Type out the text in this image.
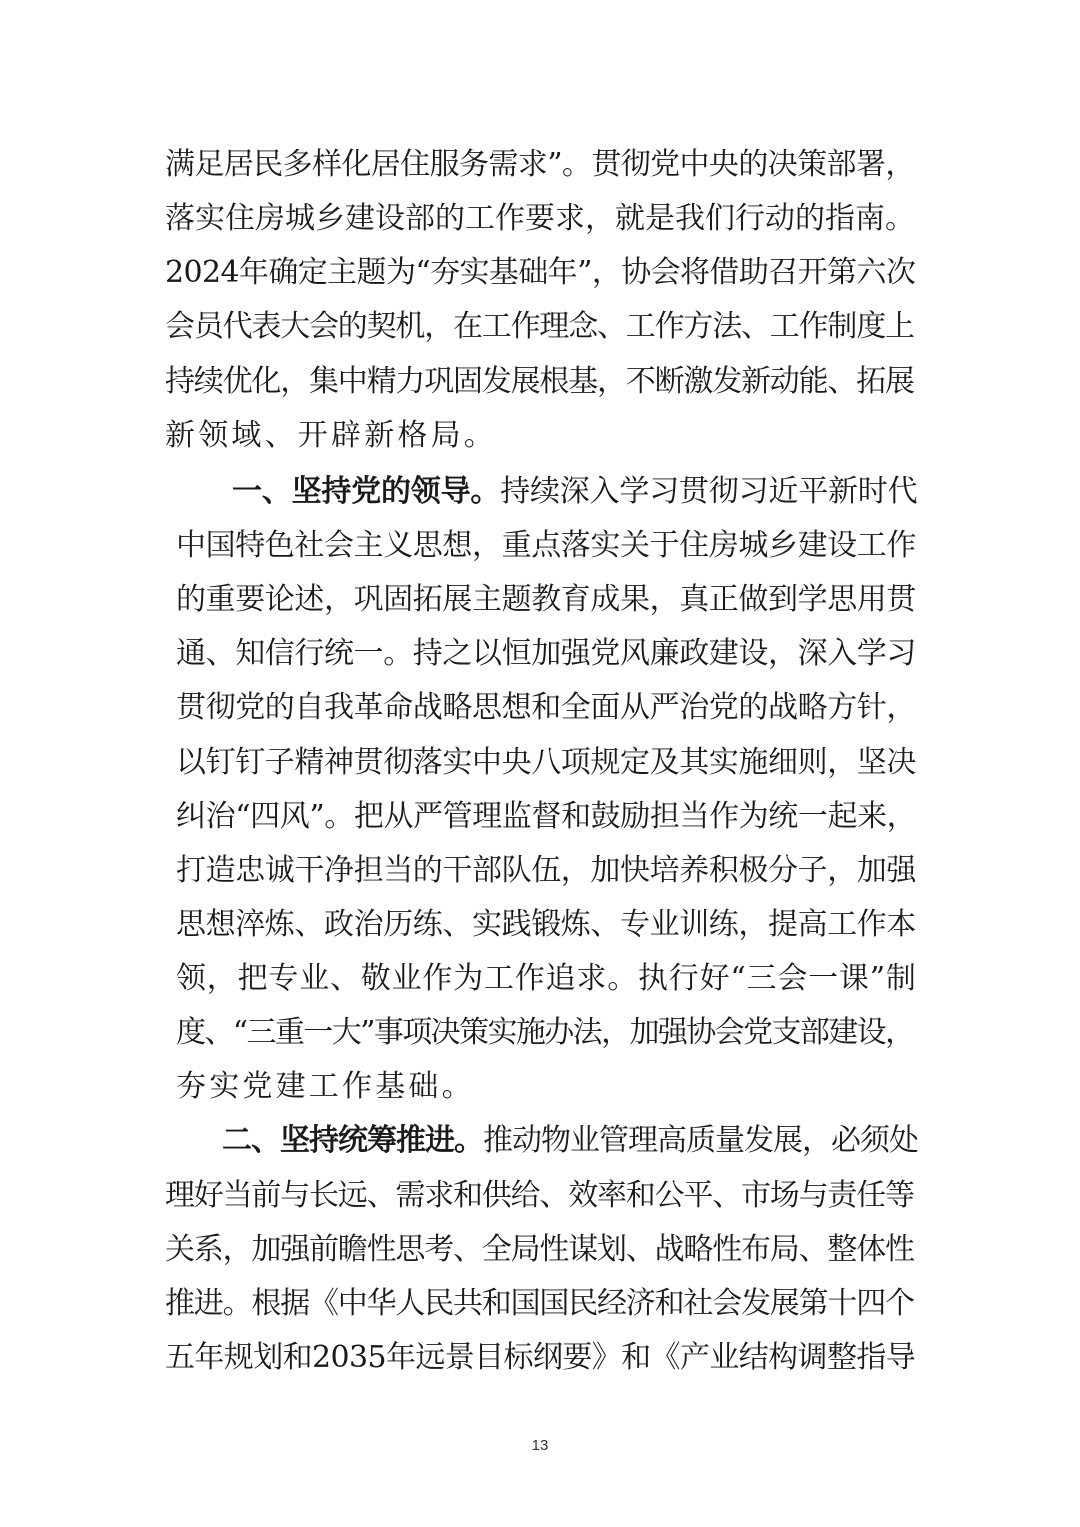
满足居民多样化居住服务需求”。贯彻党中央的决策部署，
落实住房城乡建设部的工作要求，就是我们行动的指南。
2024年确定主题为“夯实基础年”，协会将借助召开第六次
会员代表大会的契机，在工作理念、工作方法、工作制度上
持续优化，集中精力巩固发展根基，不断激发新动能、拓展
新领域、开辟新格局。
一、坚持党的领导。持续深入学习贯彻习近平新时代
中国特色社会主义思想，重点落实关于住房城乡建设工作
的重要论述，巩固拓展主题教育成果，真正做到学思用贯
通、知信行统一。持之以恒加强党风廉政建设，深入学习
贯彻党的自我革命战略思想和全面从严治党的战略方针，
以钉钉子精神贯彻落实中央八项规定及其实施细则，坚决
纠治“四风”。把从严管理监督和鼓励担当作为统一起来，
打造忠诚干净担当的干部队伍，加快培养积极分子，加强
思想淬炼、政治历练、实践锻炼、专业训练，提高工作本
领，把专业、敬业作为工作追求。执行好“三会一课”制
度、“三重一大”事项决策实施办法，加强协会党支部建设，
夯实党建工作基础。
二、坚持统筹推进。推动物业管理高质量发展，必须处
理好当前与长远、需求和供给、效率和公平、市场与责任等
关系，加强前瞻性思考、全局性谋划、战略性布局、整体性
推进。根据《中华人民共和国国民经济和社会发展第十四个
五年规划和2035年远景目标纲要》和《产业结构调整指导
13
